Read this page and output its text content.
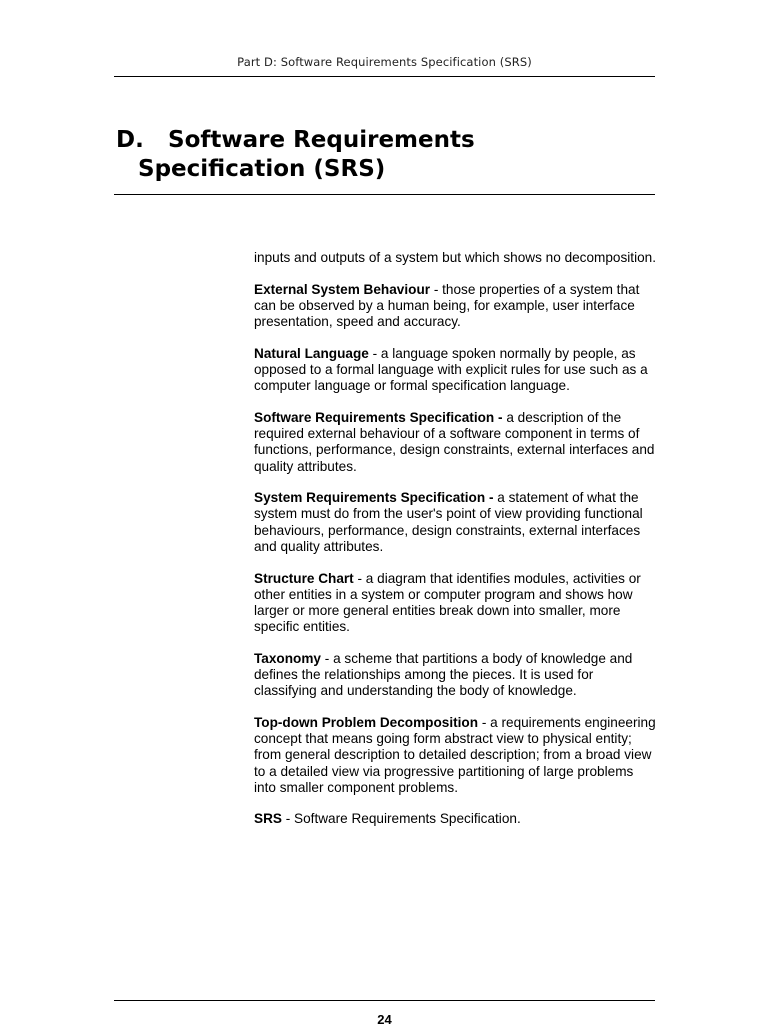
Part D: Software Requirements Specification (SRS)
D. Software Requirements
Specification (SRS)

inputs and outputs of a system but which shows no decomposition.

External System Behaviour - those properties of a system that can be observed by a human being, for example, user interface presentation, speed and accuracy.

Natural Language - a language spoken normally by people, as opposed to a formal language with explicit rules for use such as a computer language or formal specification language.

Software Requirements Specification - a description of the required external behaviour of a software component in terms of functions, performance, design constraints, external interfaces and quality attributes.

System Requirements Specification - a statement of what the system must do from the user's point of view providing functional behaviours, performance, design constraints, external interfaces and quality attributes.

Structure Chart - a diagram that identifies modules, activities or other entities in a system or computer program and shows how larger or more general entities break down into smaller, more specific entities.

Taxonomy - a scheme that partitions a body of knowledge and defines the relationships among the pieces. It is used for classifying and understanding the body of knowledge.

Top-down Problem Decomposition - a requirements engineering concept that means going form abstract view to physical entity; from general description to detailed description; from a broad view to a detailed view via progressive partitioning of large problems into smaller component problems.

SRS - Software Requirements Specification.

24
